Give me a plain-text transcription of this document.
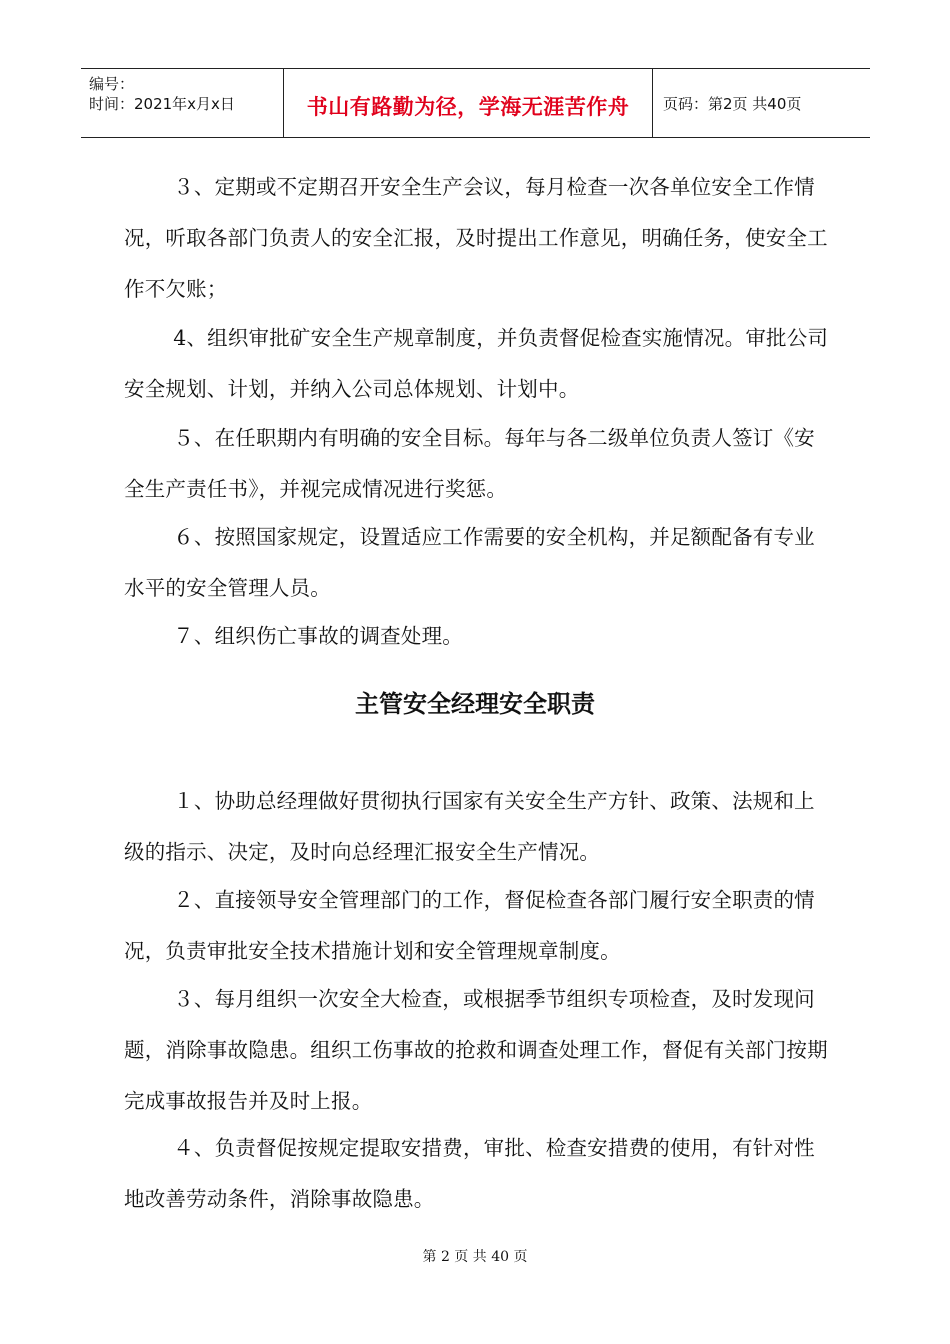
编号：
时间：2021年x月x日	书山有路勤为径，学海无涯苦作舟	页码：第2页 共40页
３、定期或不定期召开安全生产会议，每月检查一次各单位安全工作情况，听取各部门负责人的安全汇报，及时提出工作意见，明确任务，使安全工作不欠账；
4、组织审批矿安全生产规章制度，并负责督促检查实施情况。审批公司安全规划、计划，并纳入公司总体规划、计划中。
５、在任职期内有明确的安全目标。每年与各二级单位负责人签订《安全生产责任书》，并视完成情况进行奖惩。
６、按照国家规定，设置适应工作需要的安全机构，并足额配备有专业水平的安全管理人员。
７、组织伤亡事故的调查处理。
主管安全经理安全职责
１、协助总经理做好贯彻执行国家有关安全生产方针、政策、法规和上级的指示、决定，及时向总经理汇报安全生产情况。
２、直接领导安全管理部门的工作，督促检查各部门履行安全职责的情况，负责审批安全技术措施计划和安全管理规章制度。
３、每月组织一次安全大检查，或根据季节组织专项检查，及时发现问题，消除事故隐患。组织工伤事故的抢救和调查处理工作，督促有关部门按期完成事故报告并及时上报。
４、负责督促按规定提取安措费，审批、检查安措费的使用，有针对性地改善劳动条件，消除事故隐患。
第 2 页 共 40 页
